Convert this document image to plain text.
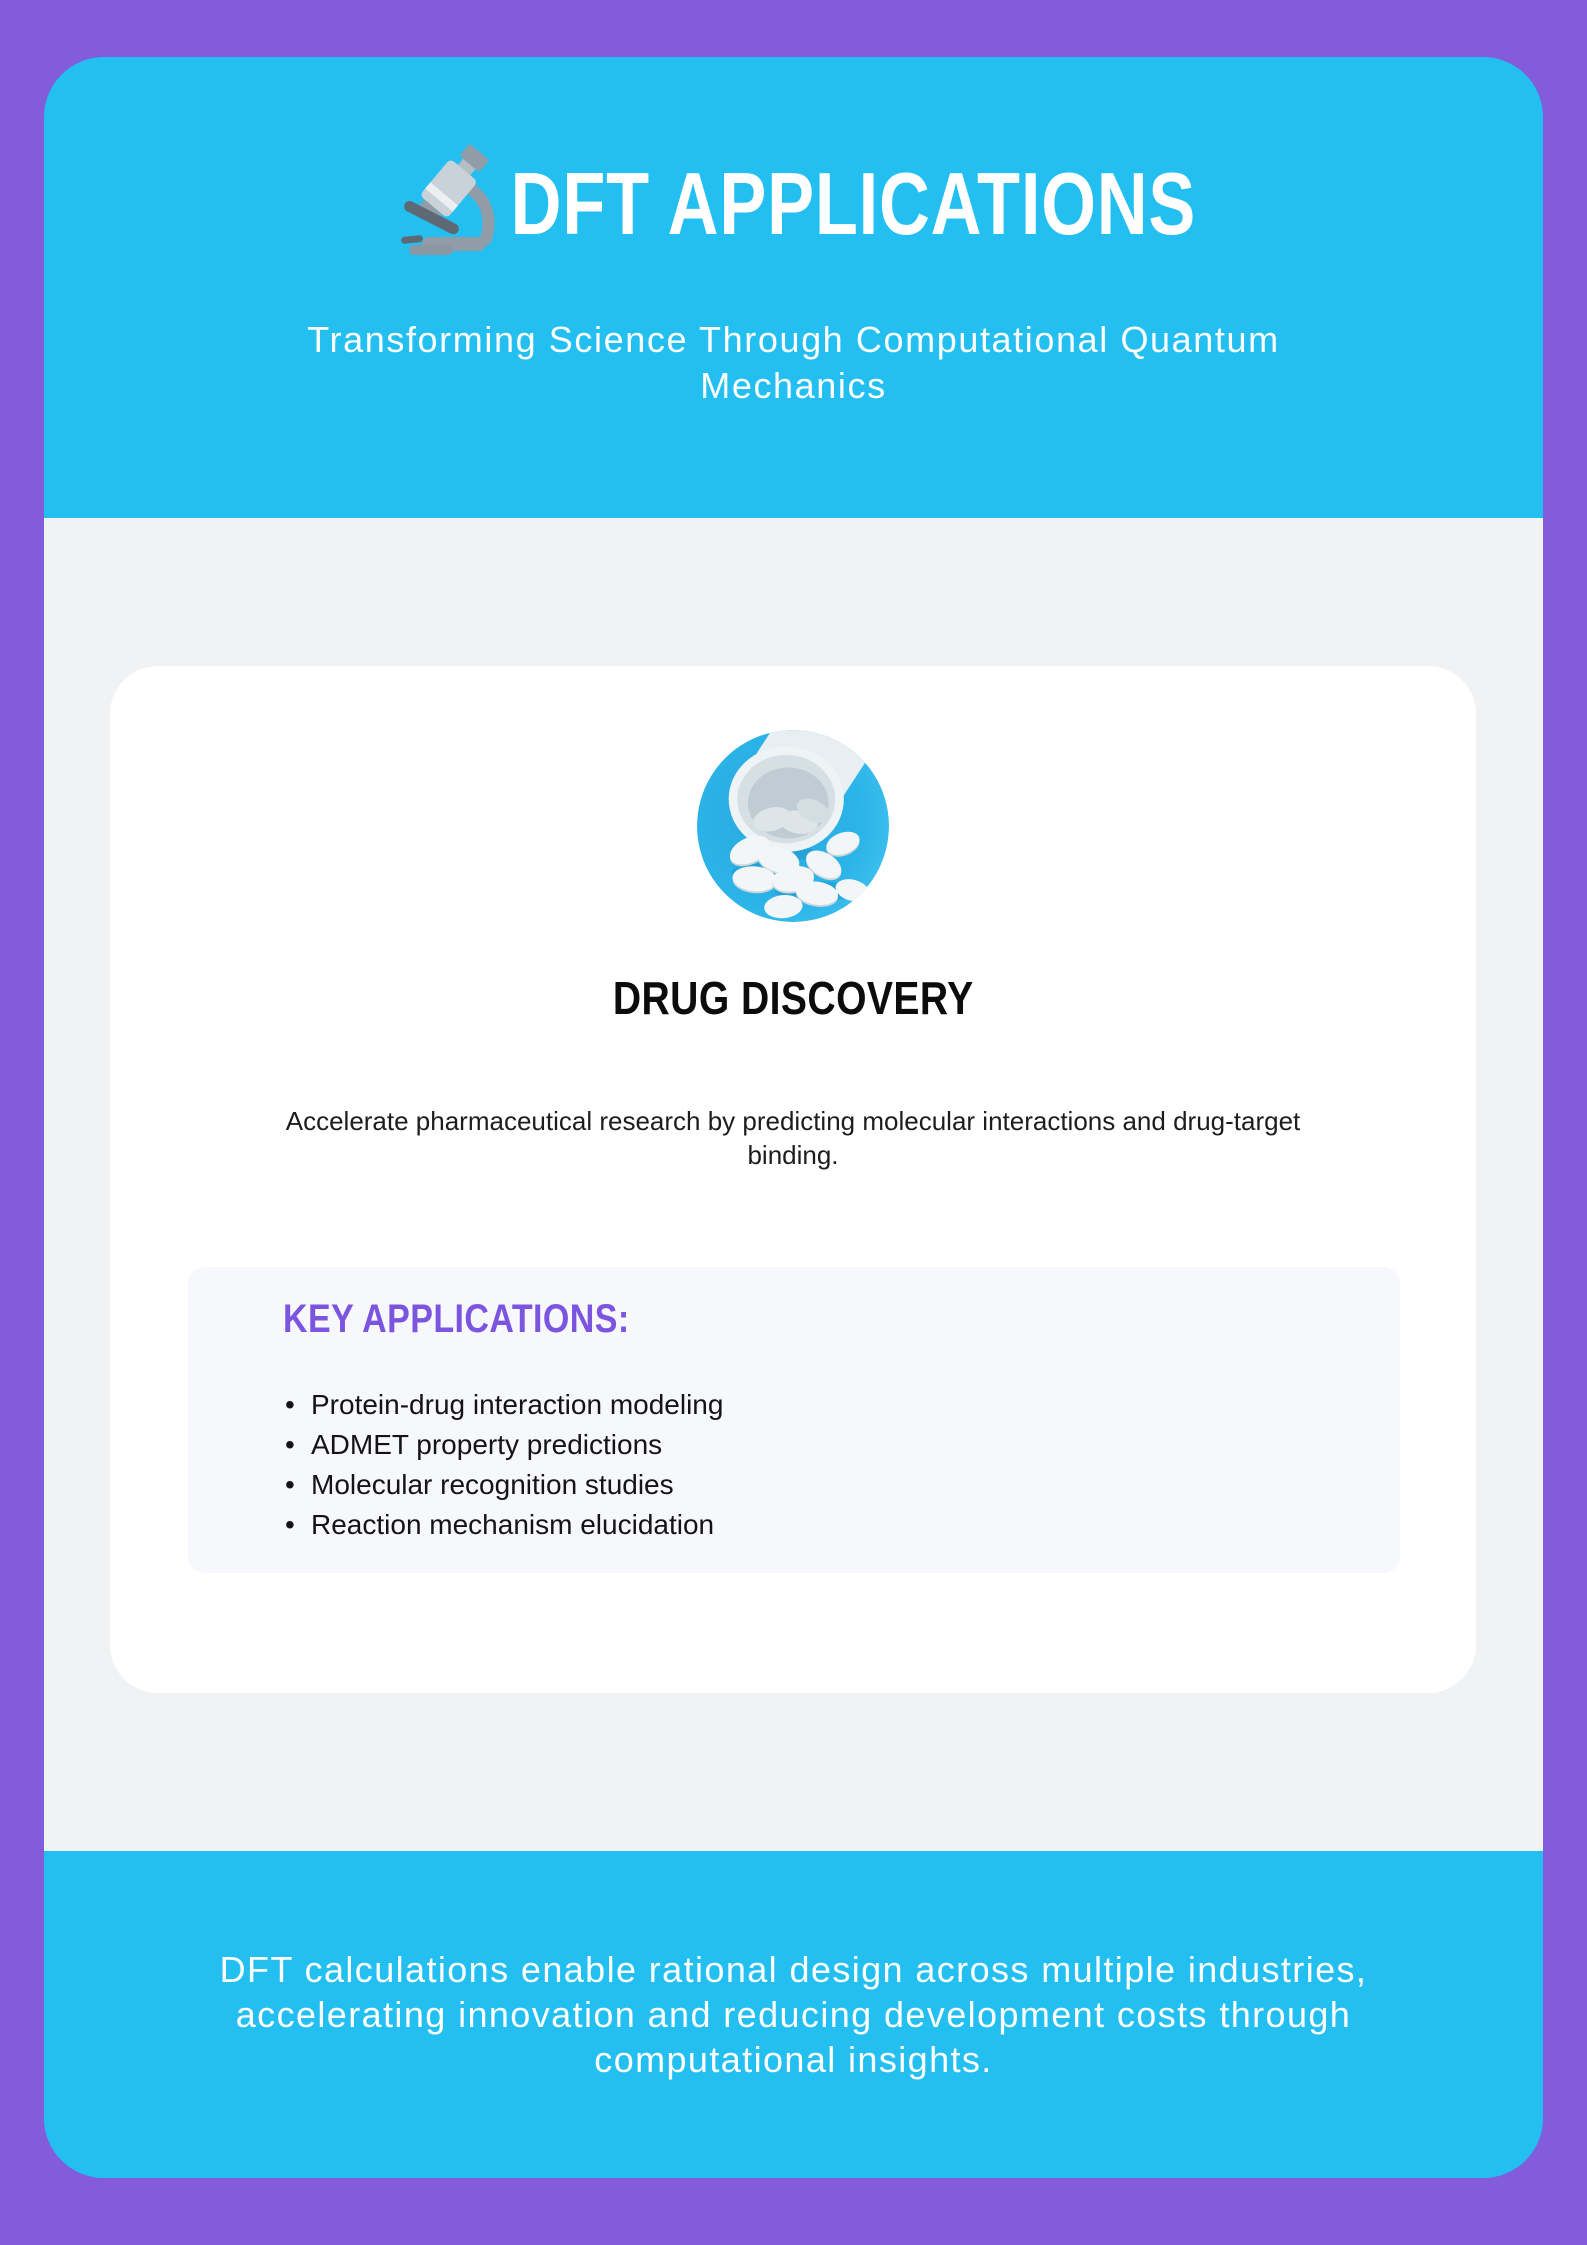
DFT APPLICATIONS

Transforming Science Through Computational Quantum Mechanics

DRUG DISCOVERY

Accelerate pharmaceutical research by predicting molecular interactions and drug-target binding.

KEY APPLICATIONS:
• Protein-drug interaction modeling
• ADMET property predictions
• Molecular recognition studies
• Reaction mechanism elucidation

DFT calculations enable rational design across multiple industries, accelerating innovation and reducing development costs through computational insights.
